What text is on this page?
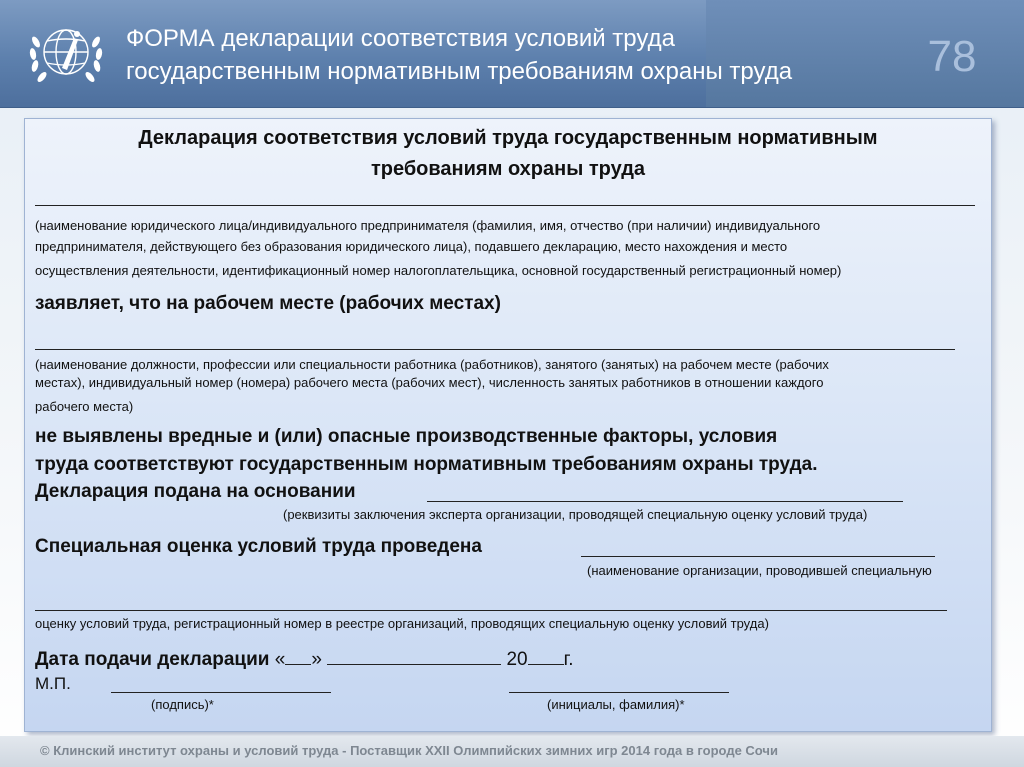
ФОРМА декларации соответствия условий труда
государственным нормативным требованиям охраны труда	78
Декларация соответствия условий труда государственным нормативным
требованиям охраны труда
(наименование юридического лица/индивидуального предпринимателя (фамилия, имя, отчество (при наличии) индивидуального
предпринимателя, действующего без образования юридического лица), подавшего декларацию, место нахождения и место
осуществления деятельности, идентификационный номер налогоплательщика, основной государственный регистрационный номер)
заявляет, что на рабочем месте (рабочих местах)
(наименование должности, профессии или специальности работника (работников), занятого (занятых) на рабочем месте (рабочих
местах), индивидуальный номер (номера) рабочего места (рабочих мест), численность занятых работников в отношении каждого
рабочего места)
не выявлены вредные и (или) опасные производственные факторы, условия
труда соответствуют государственным нормативным требованиям охраны труда.
Декларация подана на основании
(реквизиты заключения эксперта организации, проводящей специальную оценку условий труда)
Специальная оценка условий труда проведена
(наименование организации, проводившей специальную
оценку условий труда, регистрационный номер в реестре организаций, проводящих специальную оценку условий труда)
Дата подачи декларации « »	20 г.
М.П.
(подпись)*	(инициалы, фамилия)*
© Клинский институт охраны и условий труда - Поставщик XXII Олимпийских зимних игр 2014 года в городе Сочи
